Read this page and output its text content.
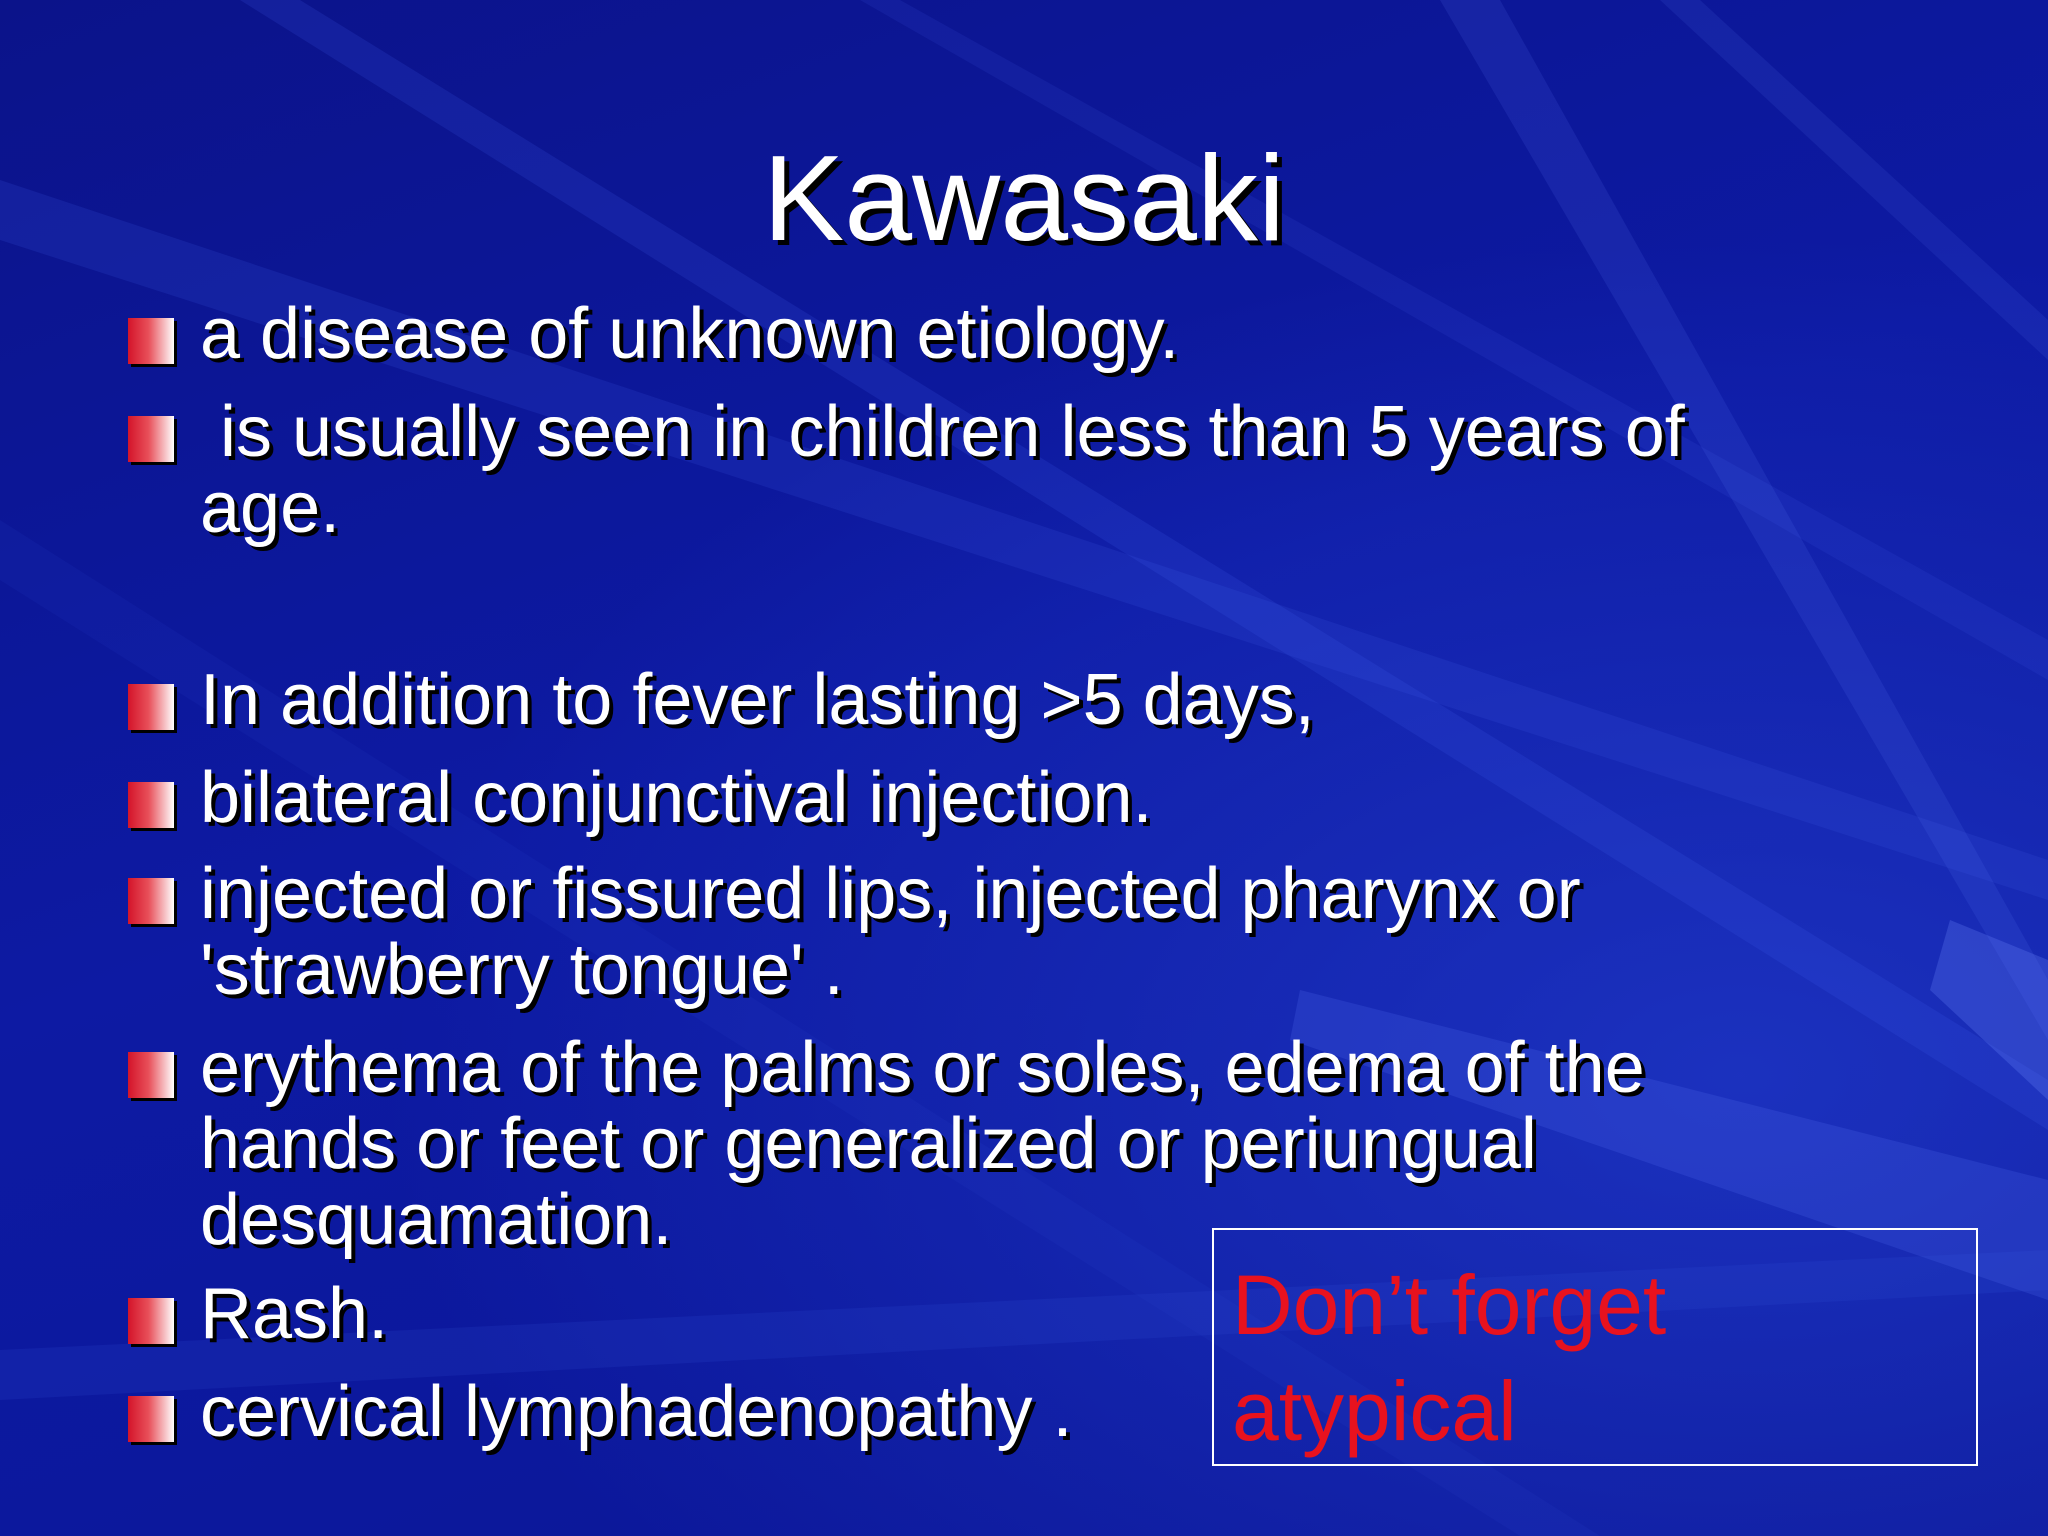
Kawasaki
a disease of unknown etiology.
is usually seen in children less than 5 years of
age.
In addition to fever lasting >5 days,
bilateral conjunctival injection.
injected or fissured lips, injected pharynx or
'strawberry tongue' .
erythema of the palms or soles, edema of the
hands or feet or generalized or periungual
desquamation.
Rash.
cervical lymphadenopathy .
Don’t forget
atypical
